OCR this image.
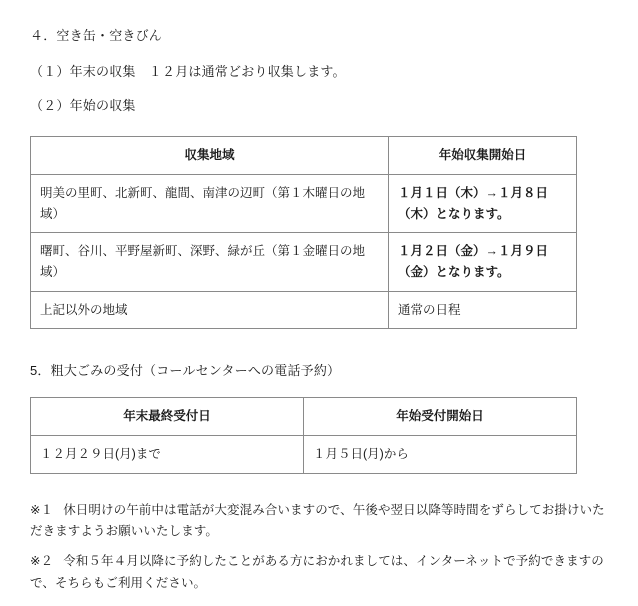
４．空き缶・空きびん
（１）年末の収集　１２月は通常どおり収集します。
（２）年始の収集
収集地域	年始収集開始日
明美の里町、北新町、龍間、南津の辺町（第１木曜日の地域）	１月１日（木）→１月８日（木）となります。
曙町、谷川、平野屋新町、深野、緑が丘（第１金曜日の地域）	１月２日（金）→１月９日（金）となります。
上記以外の地域	通常の日程
5．粗大ごみの受付（コールセンターへの電話予約）
年末最終受付日	年始受付開始日
１２月２９日(月)まで	１月５日(月)から
※１ 休日明けの午前中は電話が大変混み合いますので、午後や翌日以降等時間をずらしてお掛けいただきますようお願いいたします。
※２ 令和５年４月以降に予約したことがある方におかれましては、インターネットで予約できますので、そちらもご利用ください。
